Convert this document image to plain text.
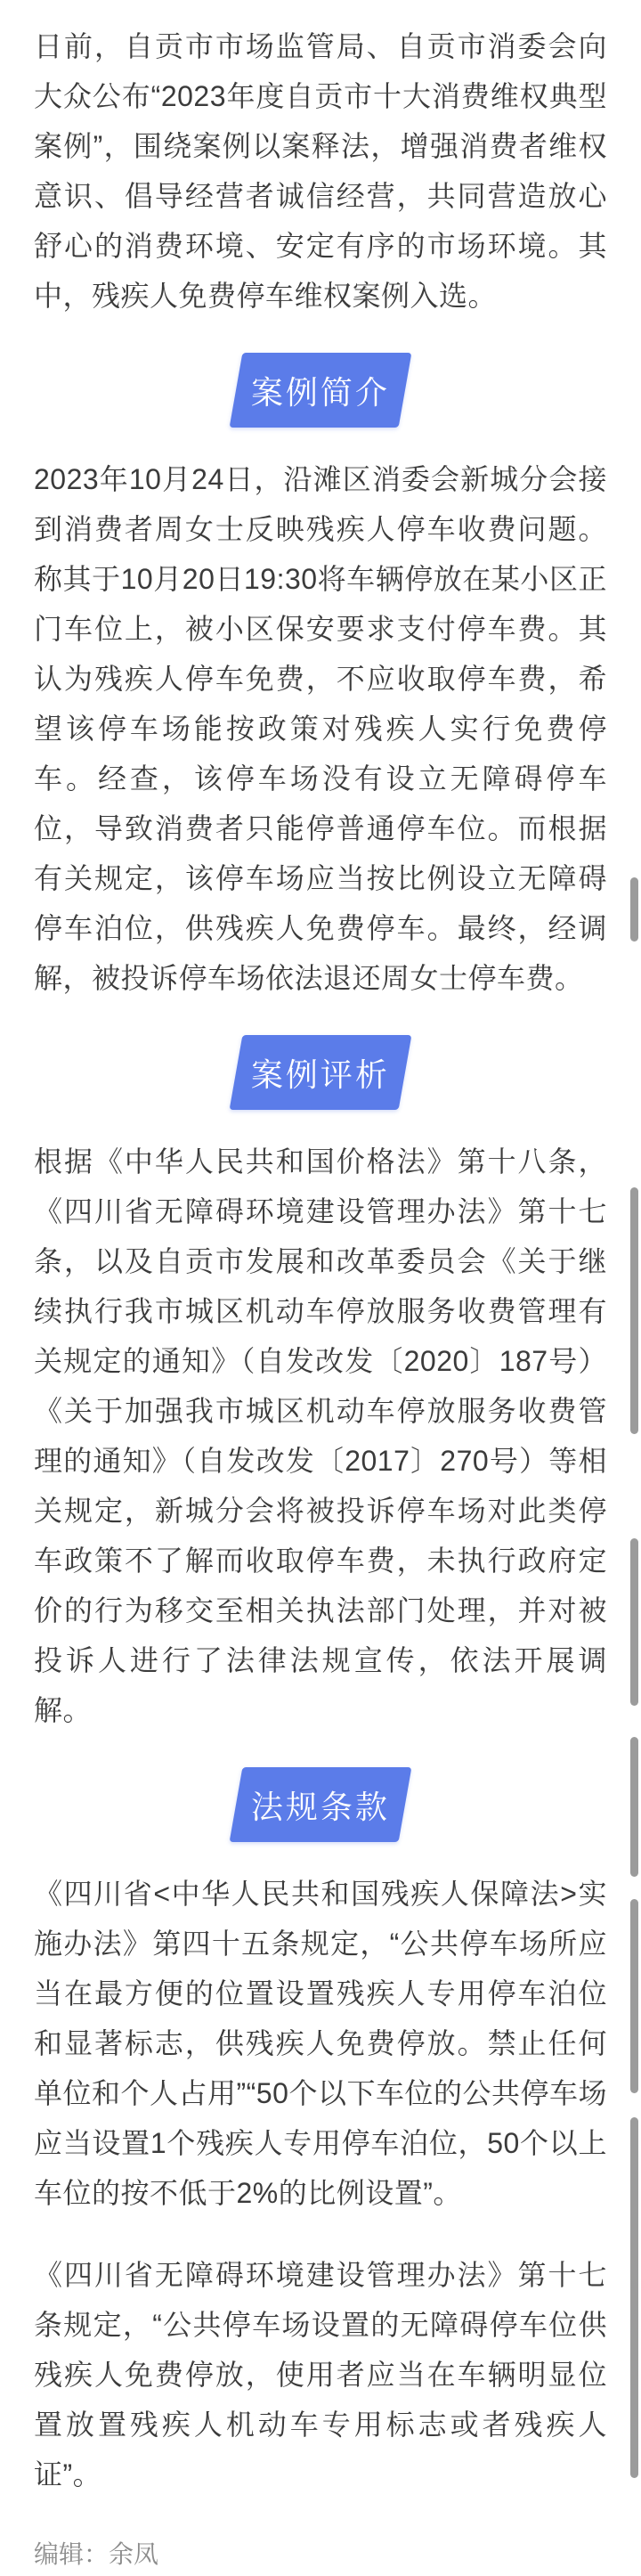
日前，自贡市市场监管局、自贡市消委会向大众公布“2023年度自贡市十大消费维权典型案例”，围绕案例以案释法，增强消费者维权意识、倡导经营者诚信经营，共同营造放心舒心的消费环境、安定有序的市场环境。其中，残疾人免费停车维权案例入选。

案例简介

2023年10月24日，沿滩区消委会新城分会接到消费者周女士反映残疾人停车收费问题。称其于10月20日19:30将车辆停放在某小区正门车位上，被小区保安要求支付停车费。其认为残疾人停车免费，不应收取停车费，希望该停车场能按政策对残疾人实行免费停车。经查，该停车场没有设立无障碍停车位，导致消费者只能停普通停车位。而根据有关规定，该停车场应当按比例设立无障碍停车泊位，供残疾人免费停车。最终，经调解，被投诉停车场依法退还周女士停车费。

案例评析

根据《中华人民共和国价格法》第十八条，《四川省无障碍环境建设管理办法》第十七条，以及自贡市发展和改革委员会《关于继续执行我市城区机动车停放服务收费管理有关规定的通知》（自发改发〔2020〕187号）《关于加强我市城区机动车停放服务收费管理的通知》（自发改发〔2017〕270号）等相关规定，新城分会将被投诉停车场对此类停车政策不了解而收取停车费，未执行政府定价的行为移交至相关执法部门处理，并对被投诉人进行了法律法规宣传，依法开展调解。

法规条款

《四川省<中华人民共和国残疾人保障法>实施办法》第四十五条规定，“公共停车场所应当在最方便的位置设置残疾人专用停车泊位和显著标志，供残疾人免费停放。禁止任何单位和个人占用”“50个以下车位的公共停车场应当设置1个残疾人专用停车泊位，50个以上车位的按不低于2%的比例设置”。

《四川省无障碍环境建设管理办法》第十七条规定，“公共停车场设置的无障碍停车位供残疾人免费停放，使用者应当在车辆明显位置放置残疾人机动车专用标志或者残疾人证”。

编辑：余凤
